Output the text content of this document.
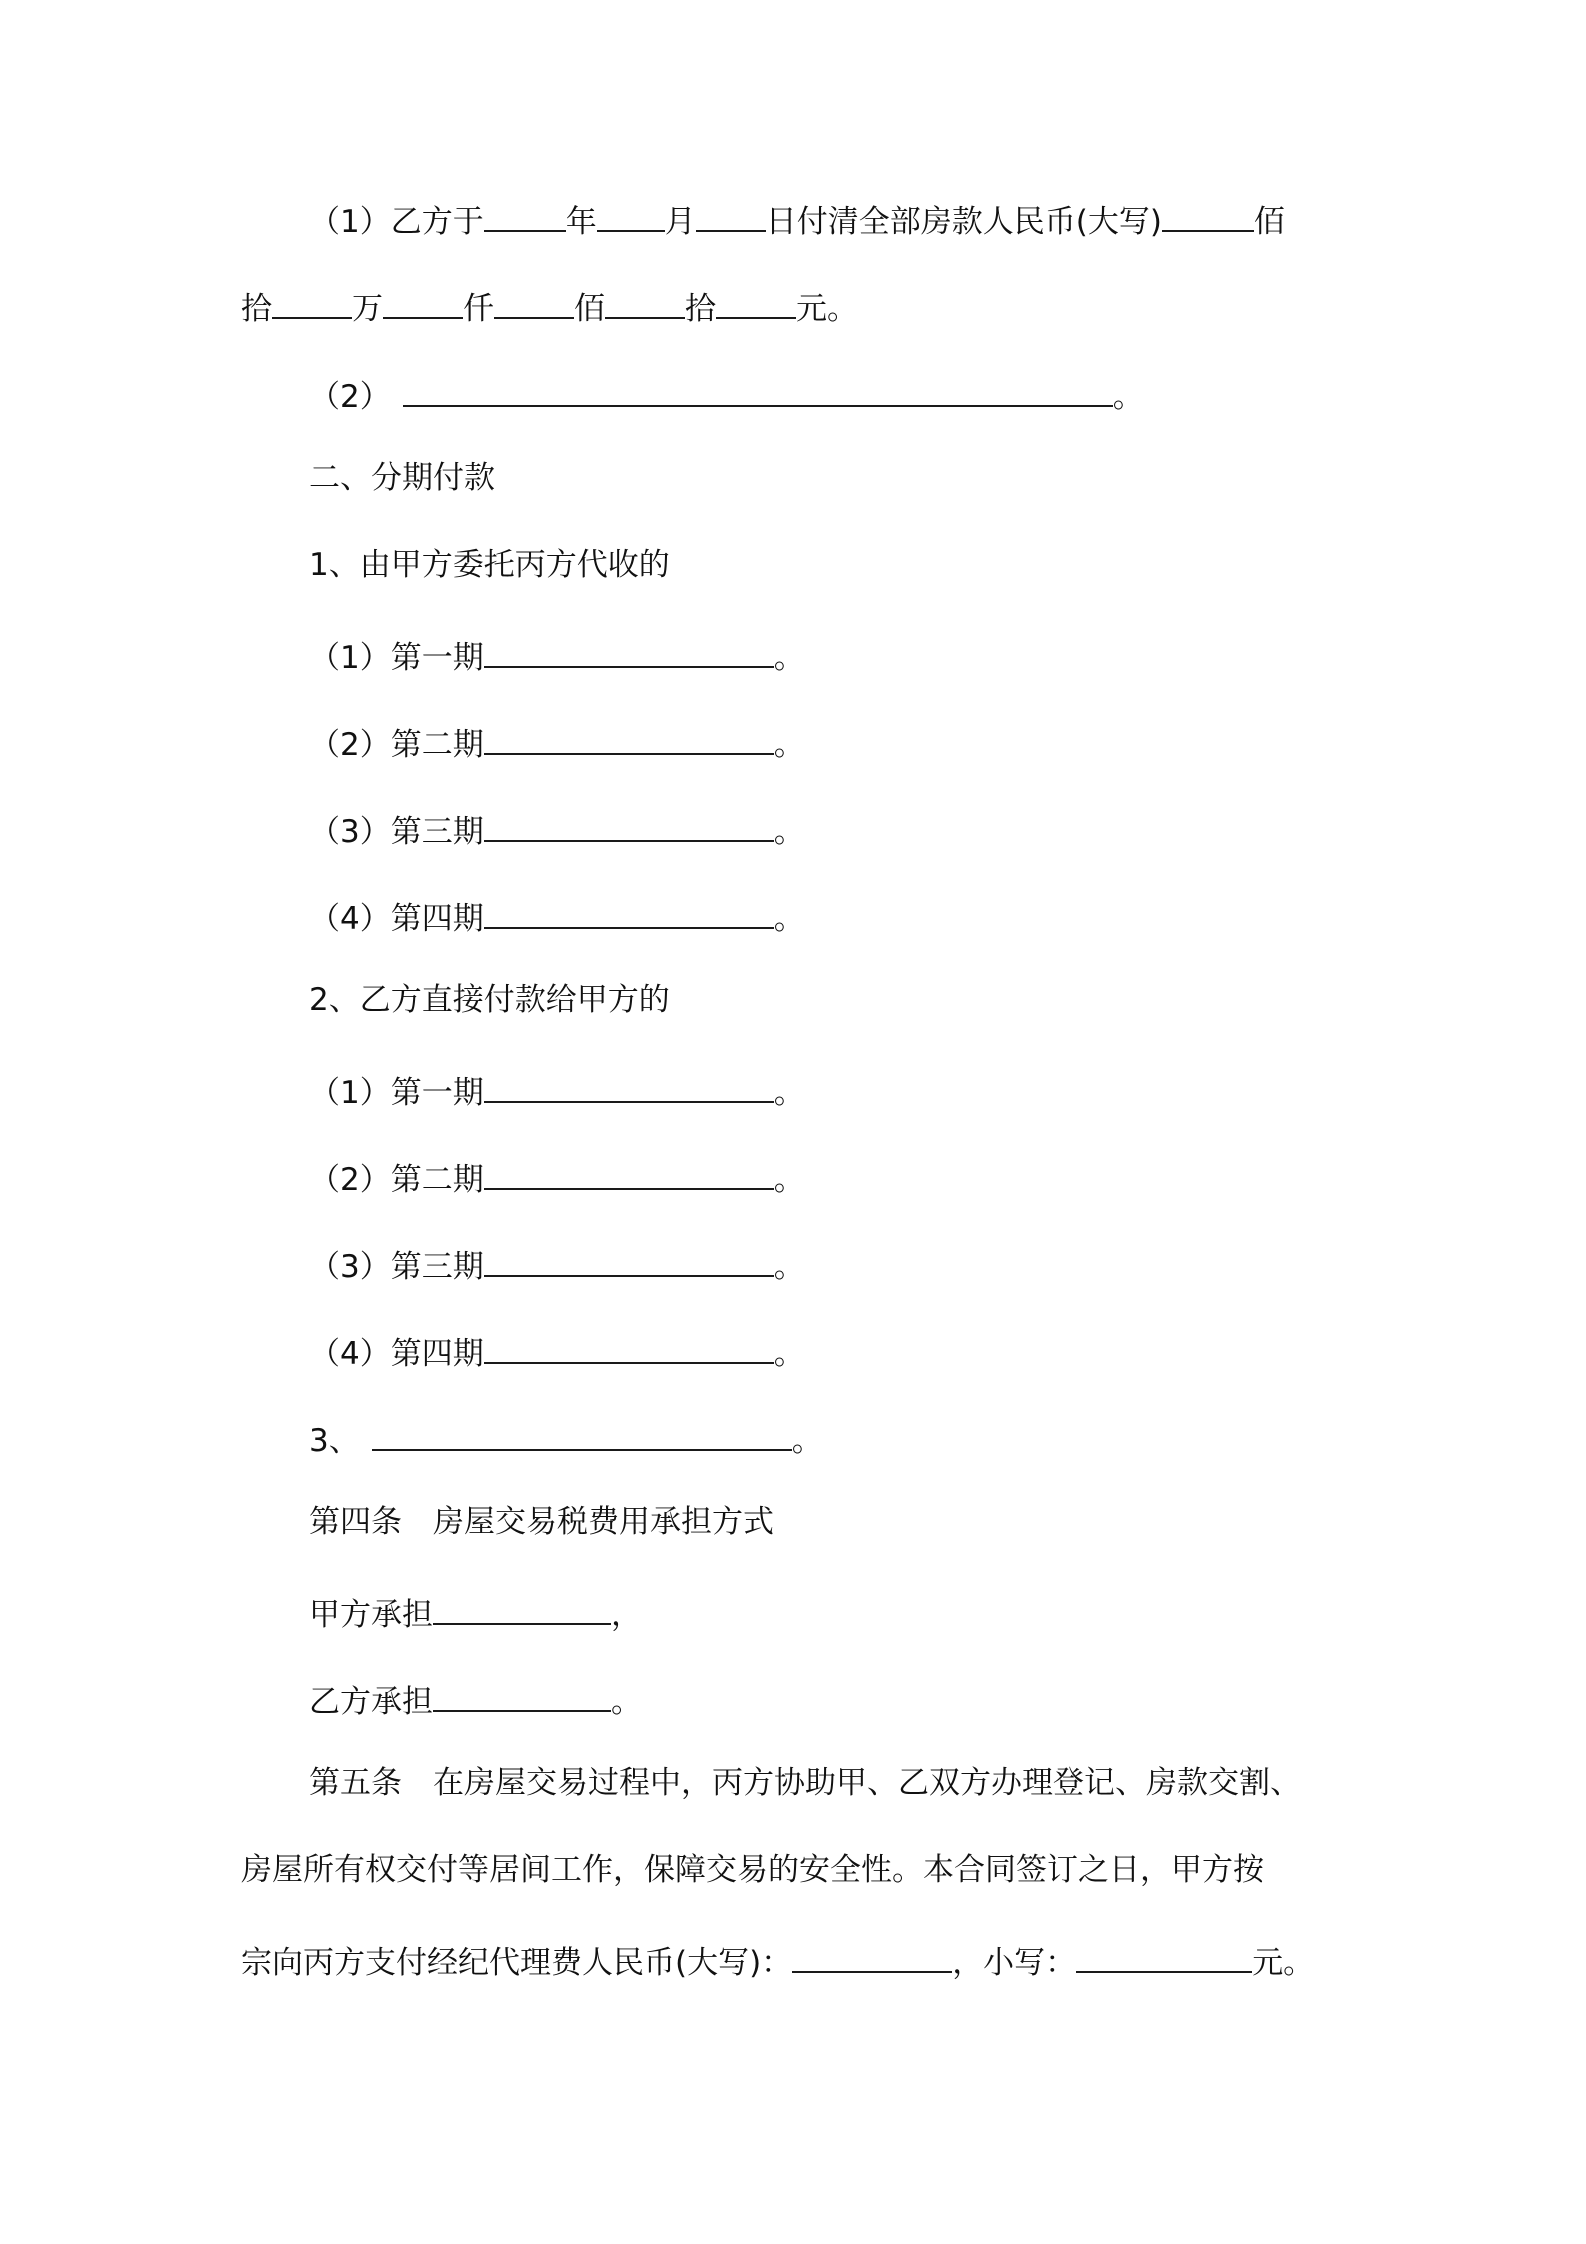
（1）乙方于	年 月 日付清全部房款人民币(大写)	佰
拾	万	仟	佰	拾	元。
（2）	。
二、分期付款
1、由甲方委托丙方代收的
（1）第一期	。
（2）第二期	。
（3）第三期	。
（4）第四期	。
2、乙方直接付款给甲方的
（1）第一期	。
（2）第二期	。
（3）第三期	。
（4）第四期	。
3、	。
第四条　房屋交易税费用承担方式
甲方承担	，
乙方承担	。
第五条　在房屋交易过程中，丙方协助甲、乙双方办理登记、房款交割、
房屋所有权交付等居间工作，保障交易的安全性。本合同签订之日，甲方按
宗向丙方支付经纪代理费人民币(大写)：	，小写：	元。
